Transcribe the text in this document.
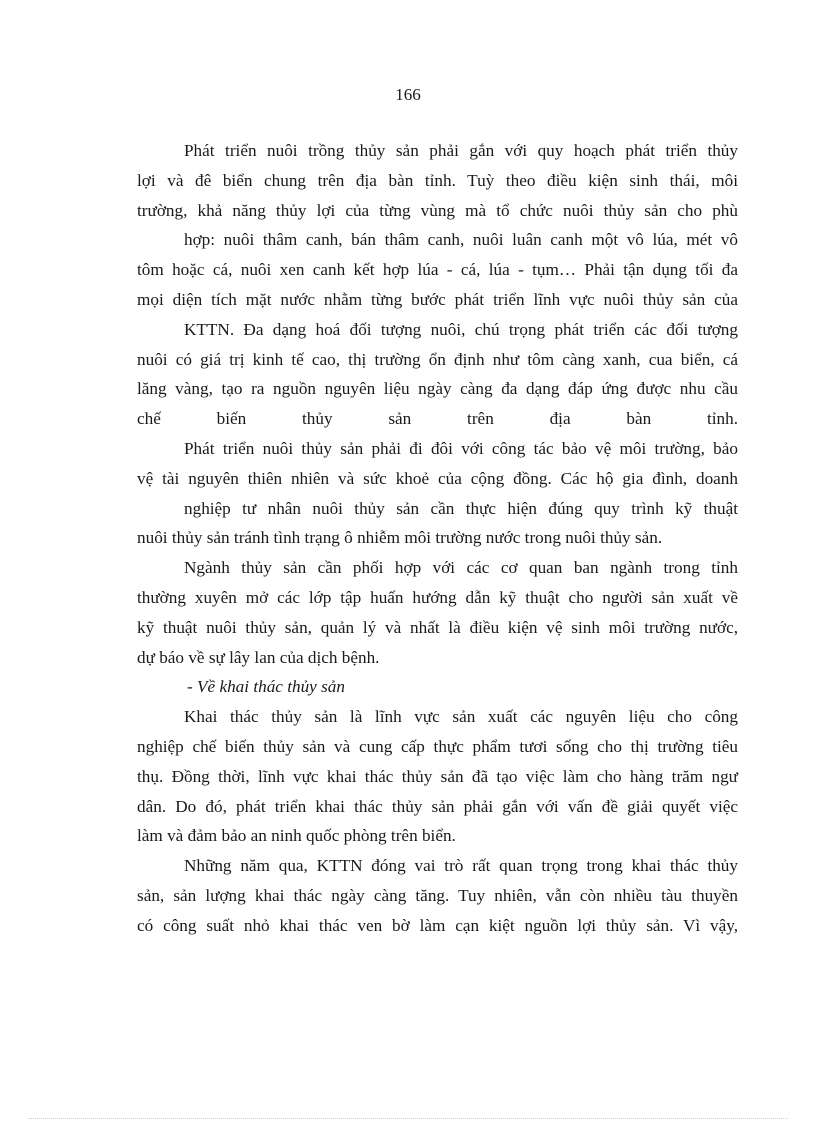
166
Phát triển nuôi trồng thủy sản phải gắn với quy hoạch phát triển thủy
lợi và đê biển chung trên địa bàn tỉnh. Tuỳ theo điều kiện sinh thái, môi
trường, khả năng thủy lợi của từng vùng mà tổ chức nuôi thủy sản cho phù
hợp: nuôi thâm canh, bán thâm canh, nuôi luân canh một vô lúa, mét vô
tôm hoặc cá, nuôi xen canh kết hợp lúa - cá, lúa - tụm… Phải tận dụng tối đa
mọi diện tích mặt nước nhằm từng bước phát triển lĩnh vực nuôi thủy sản của
KTTN. Đa dạng hoá đối tượng nuôi, chú trọng phát triển các đối tượng
nuôi có giá trị kinh tế cao, thị trường ổn định như tôm càng xanh, cua biển, cá
lăng vàng, tạo ra nguồn nguyên liệu ngày càng đa dạng đáp ứng được nhu cầu
chế biến thủy sản trên địa bàn tỉnh.
Phát triển nuôi thủy sản phải đi đôi với công tác bảo vệ môi trường, bảo
vệ tài nguyên thiên nhiên và sức khoẻ của cộng đồng. Các hộ gia đình, doanh
nghiệp tư nhân nuôi thủy sản cần thực hiện đúng quy trình kỹ thuật
nuôi thủy sản tránh tình trạng ô nhiễm môi trường nước trong nuôi thủy sản.
Ngành thủy sản cần phối hợp với các cơ quan ban ngành trong tỉnh
thường xuyên mở các lớp tập huấn hướng dẫn kỹ thuật cho người sản xuất về
kỹ thuật nuôi thủy sản, quản lý và nhất là điều kiện vệ sinh môi trường nước,
dự báo về sự lây lan của dịch bệnh.
- Về khai thác thủy sản
Khai thác thủy sản là lĩnh vực sản xuất các nguyên liệu cho công
nghiệp chế biến thủy sản và cung cấp thực phẩm tươi sống cho thị trường tiêu
thụ. Đồng thời, lĩnh vực khai thác thủy sản đã tạo việc làm cho hàng trăm ngư
dân. Do đó, phát triển khai thác thủy sản phải gắn với vấn đề giải quyết việc
làm và đảm bảo an ninh quốc phòng trên biển.
Những năm qua, KTTN đóng vai trò rất quan trọng trong khai thác thủy
sản, sản lượng khai thác ngày càng tăng. Tuy nhiên, vẫn còn nhiều tàu thuyền
có công suất nhỏ khai thác ven bờ làm cạn kiệt nguồn lợi thủy sản. Vì vậy,
